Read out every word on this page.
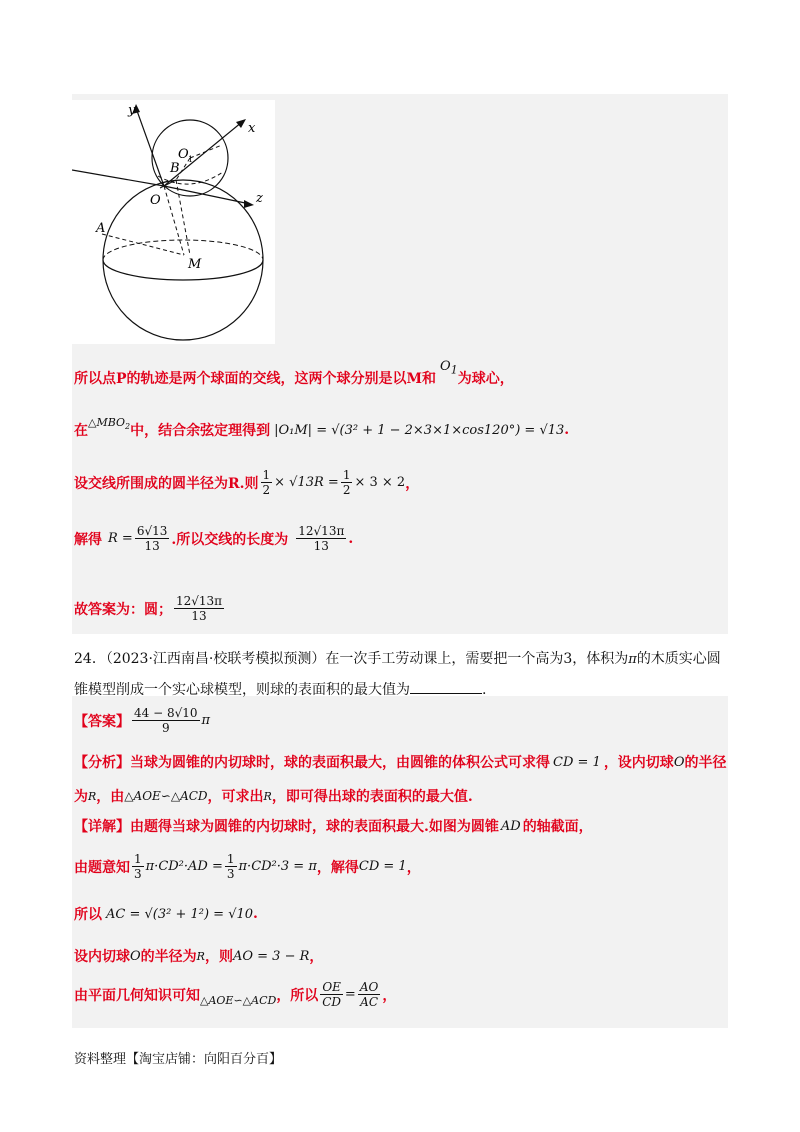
y
x
z
O 1
B
O
A
M
所以点P的轨迹是两个球面的交线，这两个球分别是以M和
$O_1$
为球心，
在
$\triangle MBO_2$ 中，结合余弦定理得到 |O₁M| = √(3² + 1 − 2×3×1×cos120°) = √13 .
设交线所围成的圆半径为R.则 $\frac{1}{2} \times √13R = \frac{1}{2} \times 3 \times 2$ ，
解得 $R = \frac{6√13}{13}$ .所以交线的长度为 $\frac{12√13\pi}{13}$ .
故答案为：圆； $\frac{12√13\pi}{13}$
24．（2023·江西南昌·校联考模拟预测）在一次手工劳动课上，需要把一个高为3，体积为π的木质实心圆
锥模型削成一个实心球模型，则球的表面积的最大值为	.
【答案】 $\frac{44 - 8√10}{9}$ π
【分析】 当球为圆锥的内切球时，球的表面积最大，由圆锥的体积公式可求得 CD = 1 ，设内切球 O 的半径
为 R ，由 △AOE∽△ACD ，可求出 R ，即可得出球的表面积的最大值.
【详解】 由题得当球为圆锥的内切球时，球的表面积最大.如图为圆锥 AD 的轴截面，
由题意知 $\frac{1}{3} \pi\cdot CD^2\cdot AD = \frac{1}{3} \pi\cdot CD^2\cdot 3 = \pi$ ，解得 CD = 1 ，
所以 AC = √(3² + 1²) = √10 .
设内切球 O 的半径为 R ，则 AO = 3 − R ，
由平面几何知识可知 △AOE∽△ACD ，所以 $\frac{OE}{CD} = \frac{AO}{AC}$ ，
资料整理【淘宝店铺：向阳百分百】
